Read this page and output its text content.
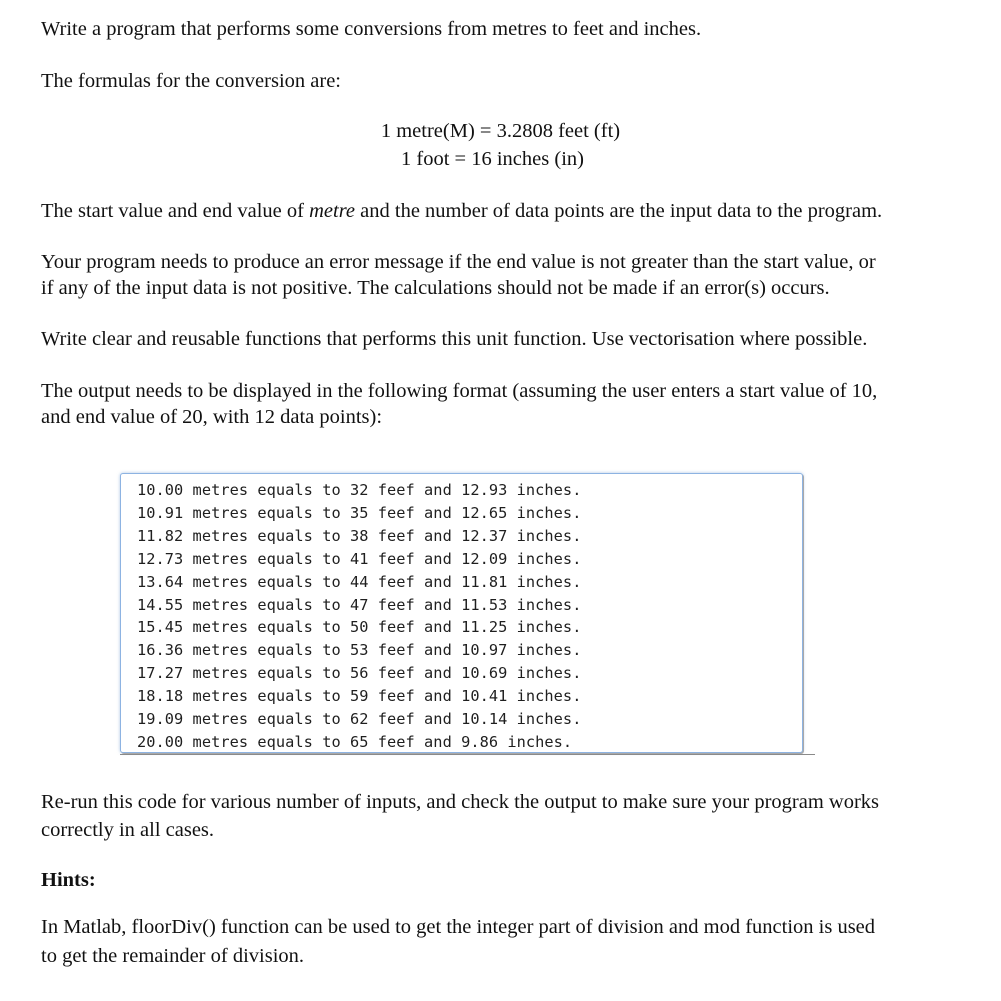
Write a program that performs some conversions from metres to feet and inches.

The formulas for the conversion are:

1 metre(M) = 3.2808 feet (ft)
1 foot = 16 inches (in)

The start value and end value of metre and the number of data points are the input data to the program.

Your program needs to produce an error message if the end value is not greater than the start value, or

if any of the input data is not positive. The calculations should not be made if an error(s) occurs.

Write clear and reusable functions that performs this unit function. Use vectorisation where possible.

The output needs to be displayed in the following format (assuming the user enters a start value of 10,

and end value of 20, with 12 data points):

10.00 metres equals to 32 feef and 12.93 inches.
10.91 metres equals to 35 feef and 12.65 inches.
11.82 metres equals to 38 feef and 12.37 inches.
12.73 metres equals to 41 feef and 12.09 inches.
13.64 metres equals to 44 feef and 11.81 inches.
14.55 metres equals to 47 feef and 11.53 inches.
15.45 metres equals to 50 feef and 11.25 inches.
16.36 metres equals to 53 feef and 10.97 inches.
17.27 metres equals to 56 feef and 10.69 inches.
18.18 metres equals to 59 feef and 10.41 inches.
19.09 metres equals to 62 feef and 10.14 inches.
20.00 metres equals to 65 feef and 9.86 inches.

Re-run this code for various number of inputs, and check the output to make sure your program works

correctly in all cases.

Hints:

In Matlab, floorDiv() function can be used to get the integer part of division and mod function is used

to get the remainder of division.
